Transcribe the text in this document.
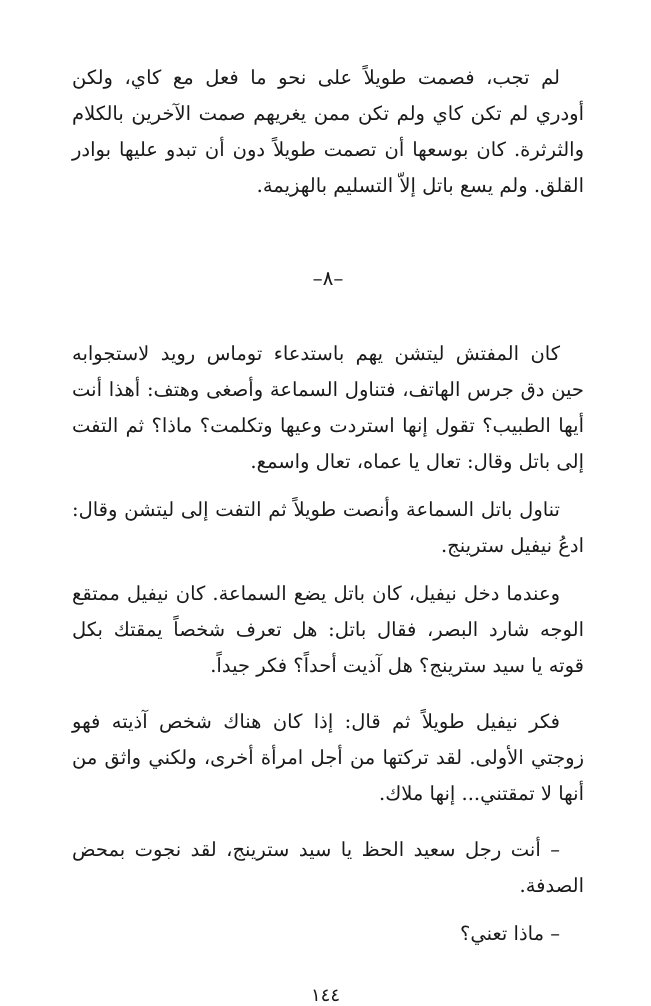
لم تجب، فصمت طويلاً على نحو ما فعل مع كاي، ولكن أودري لم تكن كاي ولم تكن ممن يغريهم صمت الآخرين بالكلام والثرثرة. كان بوسعها أن تصمت طويلاً دون أن تبدو عليها بوادر القلق. ولم يسع باتل إلاّ التسليم بالهزيمة.

–٨–

كان المفتش ليتشن يهم باستدعاء توماس رويد لاستجوابه حين دق جرس الهاتف، فتناول السماعة وأصغى وهتف: أهذا أنت أيها الطبيب؟ تقول إنها استردت وعيها وتكلمت؟ ماذا؟ ثم التفت إلى باتل وقال: تعال يا عماه، تعال واسمع.

تناول باتل السماعة وأنصت طويلاً ثم التفت إلى ليتشن وقال: ادعُ نيفيل سترينج.

وعندما دخل نيفيل، كان باتل يضع السماعة. كان نيفيل ممتقع الوجه شارد البصر، فقال باتل: هل تعرف شخصاً يمقتك بكل قوته يا سيد سترينج؟ هل آذيت أحداً؟ فكر جيداً.

فكر نيفيل طويلاً ثم قال: إذا كان هناك شخص آذيته فهو زوجتي الأولى. لقد تركتها من أجل امرأة أخرى، ولكني واثق من أنها لا تمقتني... إنها ملاك.

– أنت رجل سعيد الحظ يا سيد سترينج، لقد نجوت بمحض الصدفة.

– ماذا تعني؟

١٤٤
